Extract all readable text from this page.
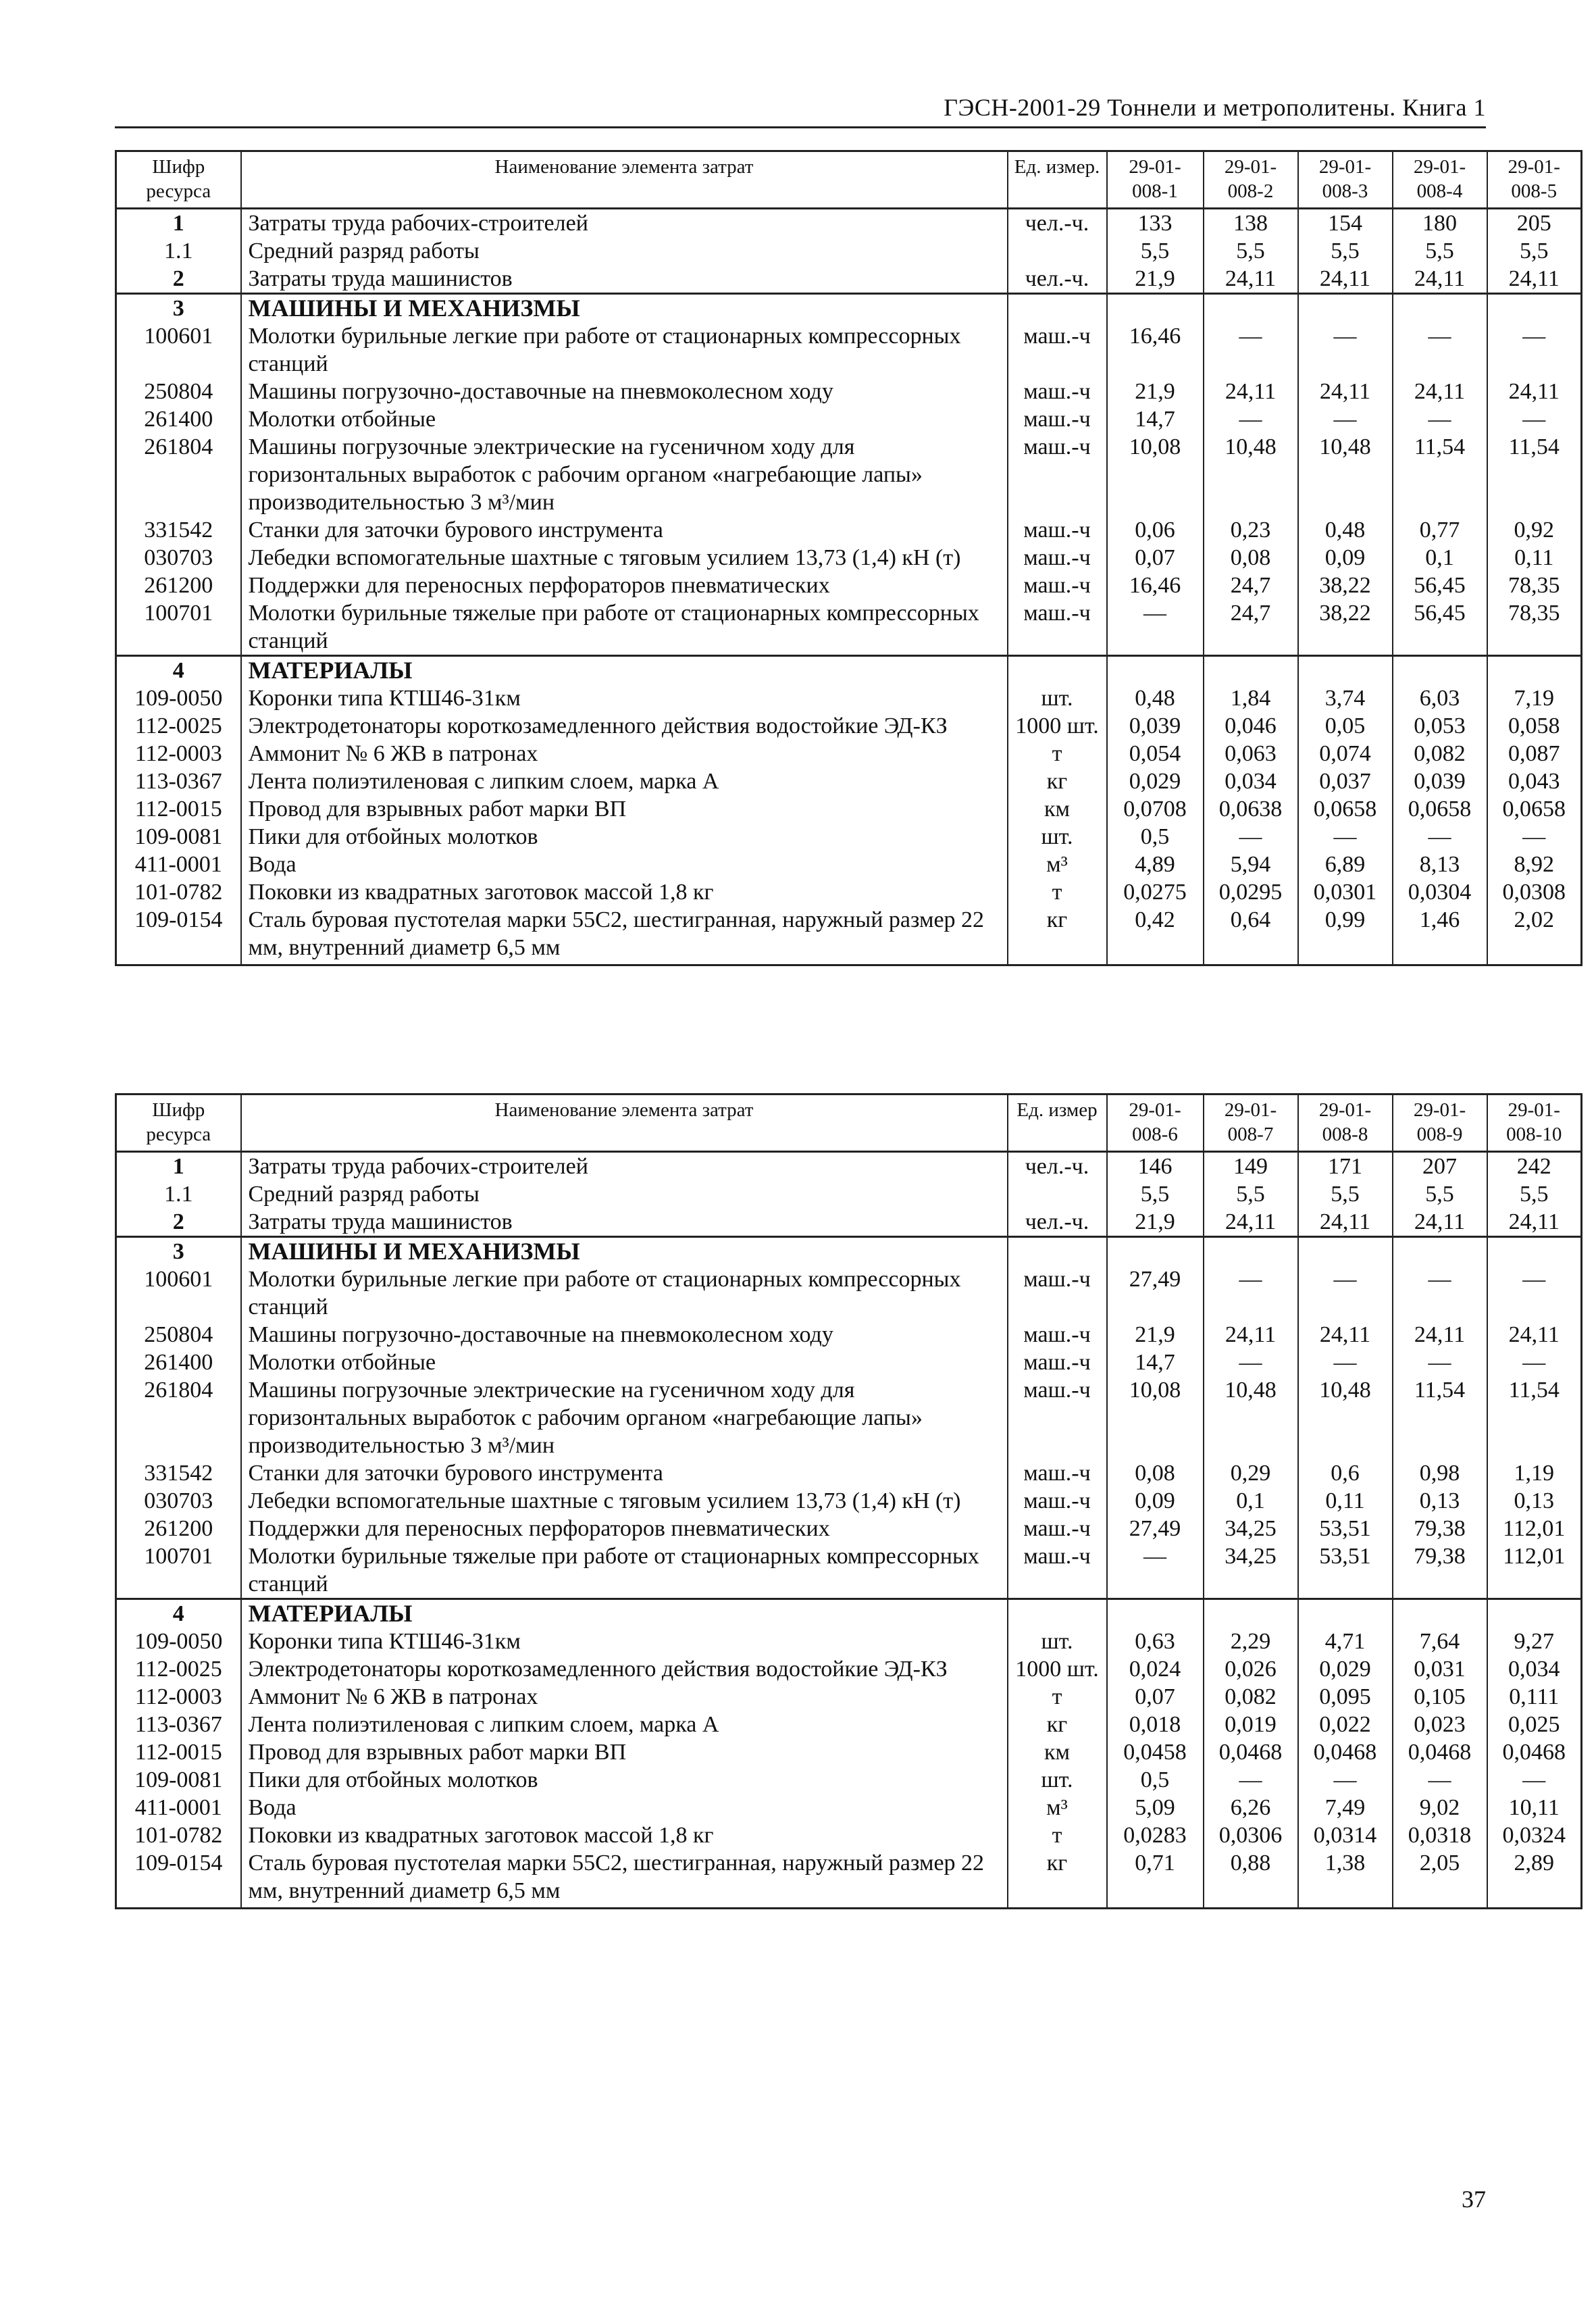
ГЭСН-2001-29 Тоннели и метрополитены. Книга 1
Шифр ресурса	Наименование элемента затрат	Ед. измер.	29-01-008-1	29-01-008-2	29-01-008-3	29-01-008-4	29-01-008-5
1	Затраты труда рабочих-строителей	чел.-ч.	133	138	154	180	205
1.1	Средний разряд работы		5,5	5,5	5,5	5,5	5,5
2	Затраты труда машинистов	чел.-ч.	21,9	24,11	24,11	24,11	24,11
3	МАШИНЫ И МЕХАНИЗМЫ						
100601	Молотки бурильные легкие при работе от стационарных компрессорных станций	маш.-ч	16,46	—	—	—	—
250804	Машины погрузочно-доставочные на пневмоколесном ходу	маш.-ч	21,9	24,11	24,11	24,11	24,11
261400	Молотки отбойные	маш.-ч	14,7	—	—	—	—
261804	Машины погрузочные электрические на гусеничном ходу для горизонтальных выработок с рабочим органом «нагребающие лапы» производительностью 3 м³/мин	маш.-ч	10,08	10,48	10,48	11,54	11,54
331542	Станки для заточки бурового инструмента	маш.-ч	0,06	0,23	0,48	0,77	0,92
030703	Лебедки вспомогательные шахтные с тяговым усилием 13,73 (1,4) кН (т)	маш.-ч	0,07	0,08	0,09	0,1	0,11
261200	Поддержки для переносных перфораторов пневматических	маш.-ч	16,46	24,7	38,22	56,45	78,35
100701	Молотки бурильные тяжелые при работе от стационарных компрессорных станций	маш.-ч	—	24,7	38,22	56,45	78,35
4	МАТЕРИАЛЫ						
109-0050	Коронки типа КТШ46-31км	шт.	0,48	1,84	3,74	6,03	7,19
112-0025	Электродетонаторы короткозамедленного действия водостойкие ЭД-КЗ	1000 шт.	0,039	0,046	0,05	0,053	0,058
112-0003	Аммонит № 6 ЖВ в патронах	т	0,054	0,063	0,074	0,082	0,087
113-0367	Лента полиэтиленовая с липким слоем, марка А	кг	0,029	0,034	0,037	0,039	0,043
112-0015	Провод для взрывных работ марки ВП	км	0,0708	0,0638	0,0658	0,0658	0,0658
109-0081	Пики для отбойных молотков	шт.	0,5	—	—	—	—
411-0001	Вода	м³	4,89	5,94	6,89	8,13	8,92
101-0782	Поковки из квадратных заготовок массой 1,8 кг	т	0,0275	0,0295	0,0301	0,0304	0,0308
109-0154	Сталь буровая пустотелая марки 55С2, шестигранная, наружный размер 22 мм, внутренний диаметр 6,5 мм	кг	0,42	0,64	0,99	1,46	2,02
Шифр ресурса	Наименование элемента затрат	Ед. измер	29-01-008-6	29-01-008-7	29-01-008-8	29-01-008-9	29-01-008-10
1	Затраты труда рабочих-строителей	чел.-ч.	146	149	171	207	242
1.1	Средний разряд работы		5,5	5,5	5,5	5,5	5,5
2	Затраты труда машинистов	чел.-ч.	21,9	24,11	24,11	24,11	24,11
3	МАШИНЫ И МЕХАНИЗМЫ						
100601	Молотки бурильные легкие при работе от стационарных компрессорных станций	маш.-ч	27,49	—	—	—	—
250804	Машины погрузочно-доставочные на пневмоколесном ходу	маш.-ч	21,9	24,11	24,11	24,11	24,11
261400	Молотки отбойные	маш.-ч	14,7	—	—	—	—
261804	Машины погрузочные электрические на гусеничном ходу для горизонтальных выработок с рабочим органом «нагребающие лапы» производительностью 3 м³/мин	маш.-ч	10,08	10,48	10,48	11,54	11,54
331542	Станки для заточки бурового инструмента	маш.-ч	0,08	0,29	0,6	0,98	1,19
030703	Лебедки вспомогательные шахтные с тяговым усилием 13,73 (1,4) кН (т)	маш.-ч	0,09	0,1	0,11	0,13	0,13
261200	Поддержки для переносных перфораторов пневматических	маш.-ч	27,49	34,25	53,51	79,38	112,01
100701	Молотки бурильные тяжелые при работе от стационарных компрессорных станций	маш.-ч	—	34,25	53,51	79,38	112,01
4	МАТЕРИАЛЫ						
109-0050	Коронки типа КТШ46-31км	шт.	0,63	2,29	4,71	7,64	9,27
112-0025	Электродетонаторы короткозамедленного действия водостойкие ЭД-КЗ	1000 шт.	0,024	0,026	0,029	0,031	0,034
112-0003	Аммонит № 6 ЖВ в патронах	т	0,07	0,082	0,095	0,105	0,111
113-0367	Лента полиэтиленовая с липким слоем, марка А	кг	0,018	0,019	0,022	0,023	0,025
112-0015	Провод для взрывных работ марки ВП	км	0,0458	0,0468	0,0468	0,0468	0,0468
109-0081	Пики для отбойных молотков	шт.	0,5	—	—	—	—
411-0001	Вода	м³	5,09	6,26	7,49	9,02	10,11
101-0782	Поковки из квадратных заготовок массой 1,8 кг	т	0,0283	0,0306	0,0314	0,0318	0,0324
109-0154	Сталь буровая пустотелая марки 55С2, шестигранная, наружный размер 22 мм, внутренний диаметр 6,5 мм	кг	0,71	0,88	1,38	2,05	2,89
37
